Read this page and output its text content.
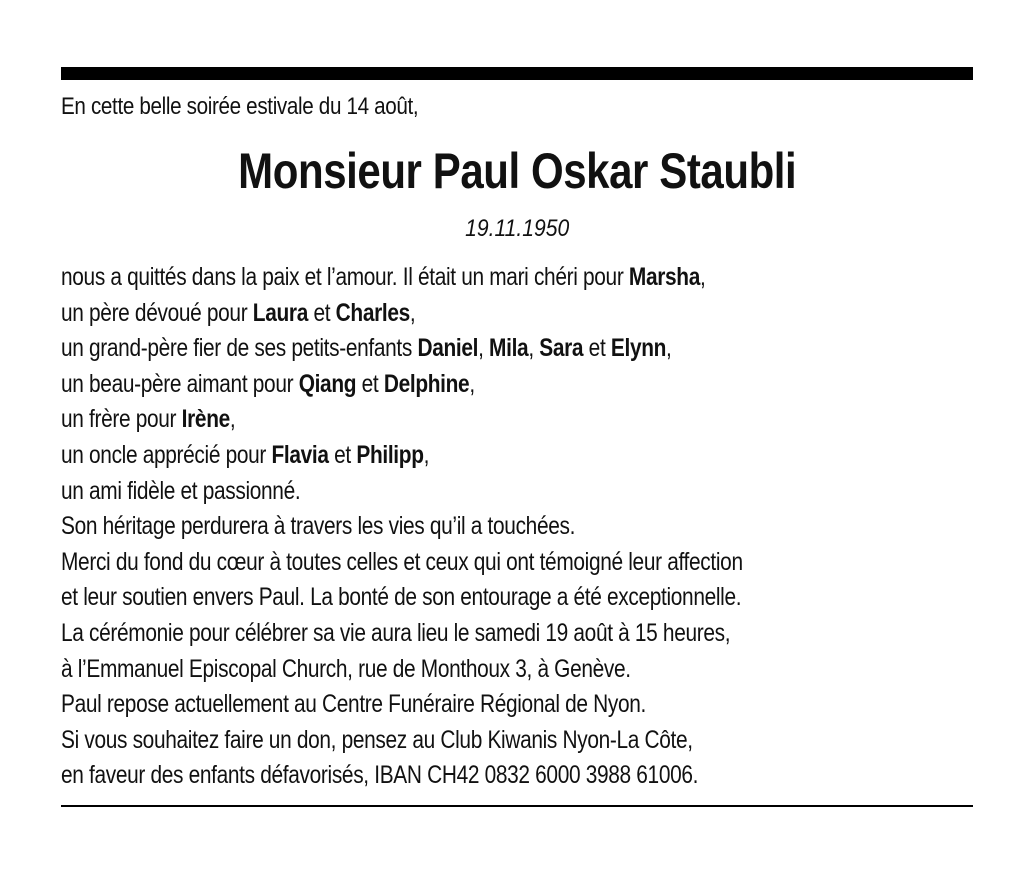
En cette belle soirée estivale du 14 août,
Monsieur Paul Oskar Staubli
19.11.1950
nous a quittés dans la paix et l’amour. Il était un mari chéri pour Marsha,
un père dévoué pour Laura et Charles,
un grand-père fier de ses petits-enfants Daniel, Mila, Sara et Elynn,
un beau-père aimant pour Qiang et Delphine,
un frère pour Irène,
un oncle apprécié pour Flavia et Philipp,
un ami fidèle et passionné.
Son héritage perdurera à travers les vies qu’il a touchées.
Merci du fond du cœur à toutes celles et ceux qui ont témoigné leur affection
et leur soutien envers Paul. La bonté de son entourage a été exceptionnelle.
La cérémonie pour célébrer sa vie aura lieu le samedi 19 août à 15 heures,
à l’Emmanuel Episcopal Church, rue de Monthoux 3, à Genève.
Paul repose actuellement au Centre Funéraire Régional de Nyon.
Si vous souhaitez faire un don, pensez au Club Kiwanis Nyon-La Côte,
en faveur des enfants défavorisés, IBAN CH42 0832 6000 3988 61006.
